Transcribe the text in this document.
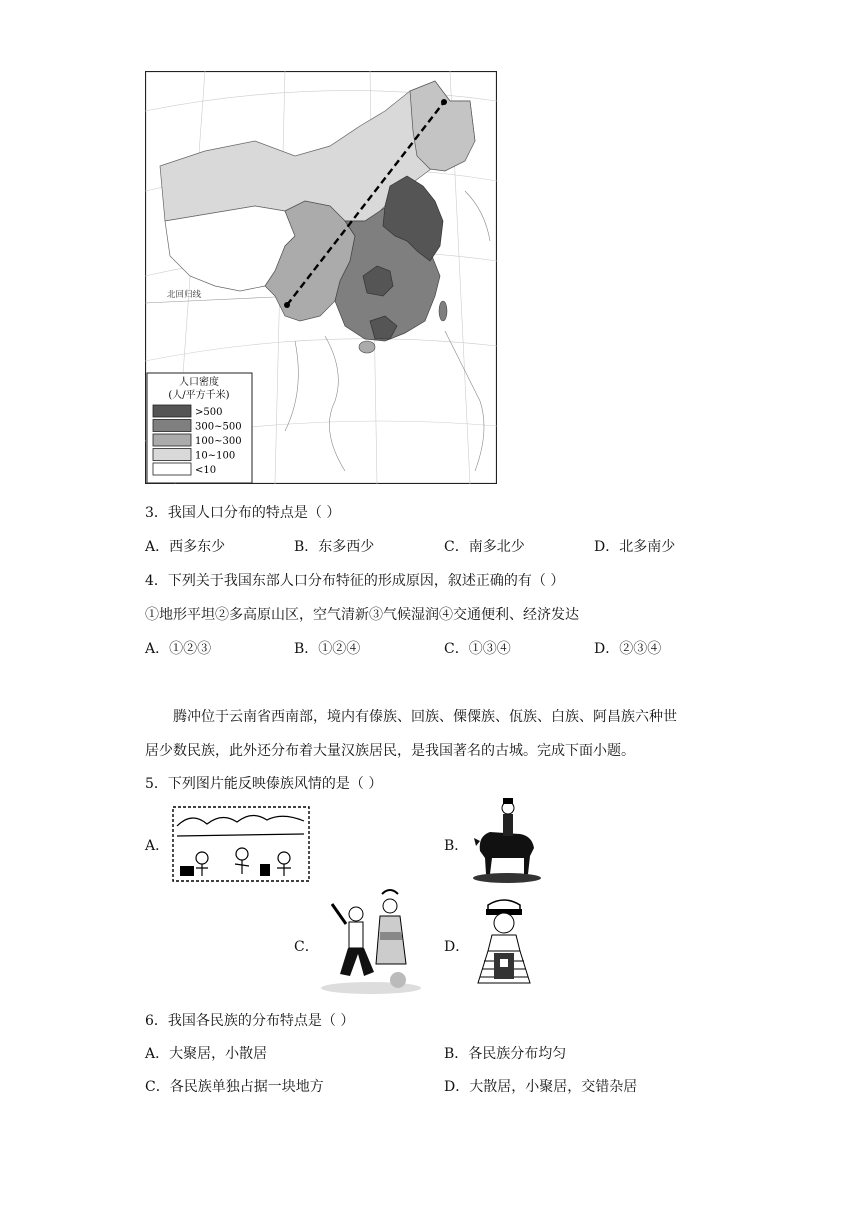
北回归线
人口密度
(人/平方千米)
>500
300~500
100~300
10~100
<10
3．我国人口分布的特点是（ ）
A．西多东少	B．东多西少	C．南多北少	D．北多南少
4．下列关于我国东部人口分布特征的形成原因，叙述正确的有（ ）
①地形平坦②多高原山区，空气清新③气候湿润④交通便利、经济发达
A．①②③	B．①②④	C．①③④	D．②③④
腾冲位于云南省西南部，境内有傣族、回族、傈僳族、佤族、白族、阿昌族六种世
居少数民族，此外还分布着大量汉族居民，是我国著名的古城。完成下面小题。
5．下列图片能反映傣族风情的是（ ）
A．	B．
C．	D．
6．我国各民族的分布特点是（ ）
A．大聚居，小散居	B．各民族分布均匀
C．各民族单独占据一块地方	D．大散居，小聚居，交错杂居
